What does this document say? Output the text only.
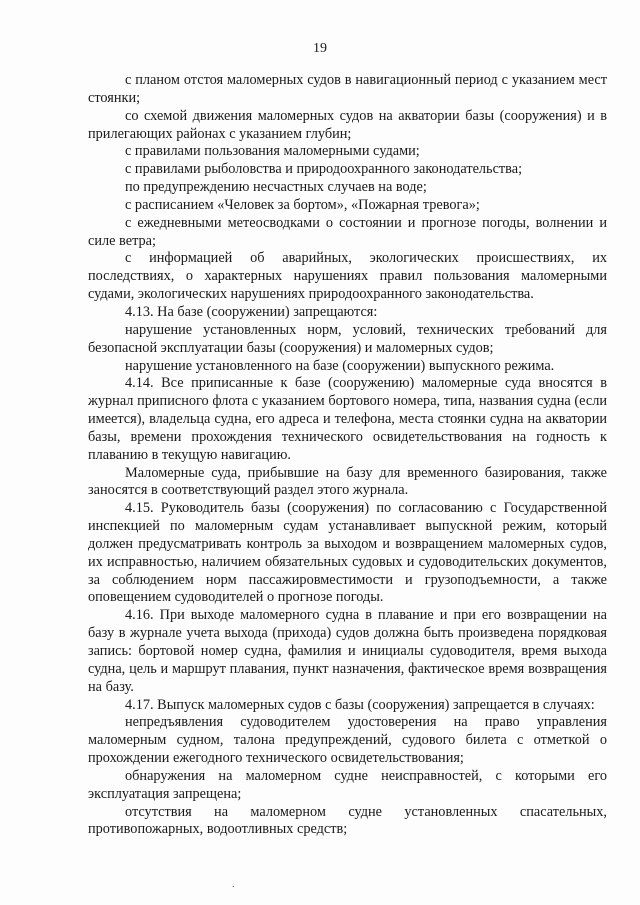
19

с планом отстоя маломерных судов в навигационный период с указанием мест стоянки;

со схемой движения маломерных судов на акватории базы (сооружения) и в прилегающих районах с указанием глубин;

с правилами пользования маломерными судами;

с правилами рыболовства и природоохранного законодательства;

по предупреждению несчастных случаев на воде;

с расписанием «Человек за бортом», «Пожарная тревога»;

с ежедневными метеосводками о состоянии и прогнозе погоды, волнении и силе ветра;

с информацией об аварийных, экологических происшествиях, их последствиях, о характерных нарушениях правил пользования маломерными судами, экологических нарушениях природоохранного законодательства.

4.13. На базе (сооружении) запрещаются:

нарушение установленных норм, условий, технических требований для безопасной эксплуатации базы (сооружения) и маломерных судов;

нарушение установленного на базе (сооружении) выпускного режима.

4.14. Все приписанные к базе (сооружению) маломерные суда вносятся в журнал приписного флота с указанием бортового номера, типа, названия судна (если имеется), владельца судна, его адреса и телефона, места стоянки судна на акватории базы, времени прохождения технического освидетельствования на годность к плаванию в текущую навигацию.

Маломерные суда, прибывшие на базу для временного базирования, также заносятся в соответствующий раздел этого журнала.

4.15. Руководитель базы (сооружения) по согласованию с Государственной инспекцией по маломерным судам устанавливает выпускной режим, который должен предусматривать контроль за выходом и возвращением маломерных судов, их исправностью, наличием обязательных судовых и судоводительских документов, за соблюдением норм пассажировместимости и грузоподъемности, а также оповещением судоводителей о прогнозе погоды.

4.16. При выходе маломерного судна в плавание и при его возвращении на базу в журнале учета выхода (прихода) судов должна быть произведена порядковая запись: бортовой номер судна, фамилия и инициалы судоводителя, время выхода судна, цель и маршрут плавания, пункт назначения, фактическое время возвращения на базу.

4.17. Выпуск маломерных судов с базы (сооружения) запрещается в случаях:

непредъявления судоводителем удостоверения на право управления маломерным судном, талона предупреждений, судового билета с отметкой о прохождении ежегодного технического освидетельствования;

обнаружения на маломерном судне неисправностей, с которыми его эксплуатация запрещена;

отсутствия на маломерном судне установленных спасательных, противопожарных, водоотливных средств;

.
